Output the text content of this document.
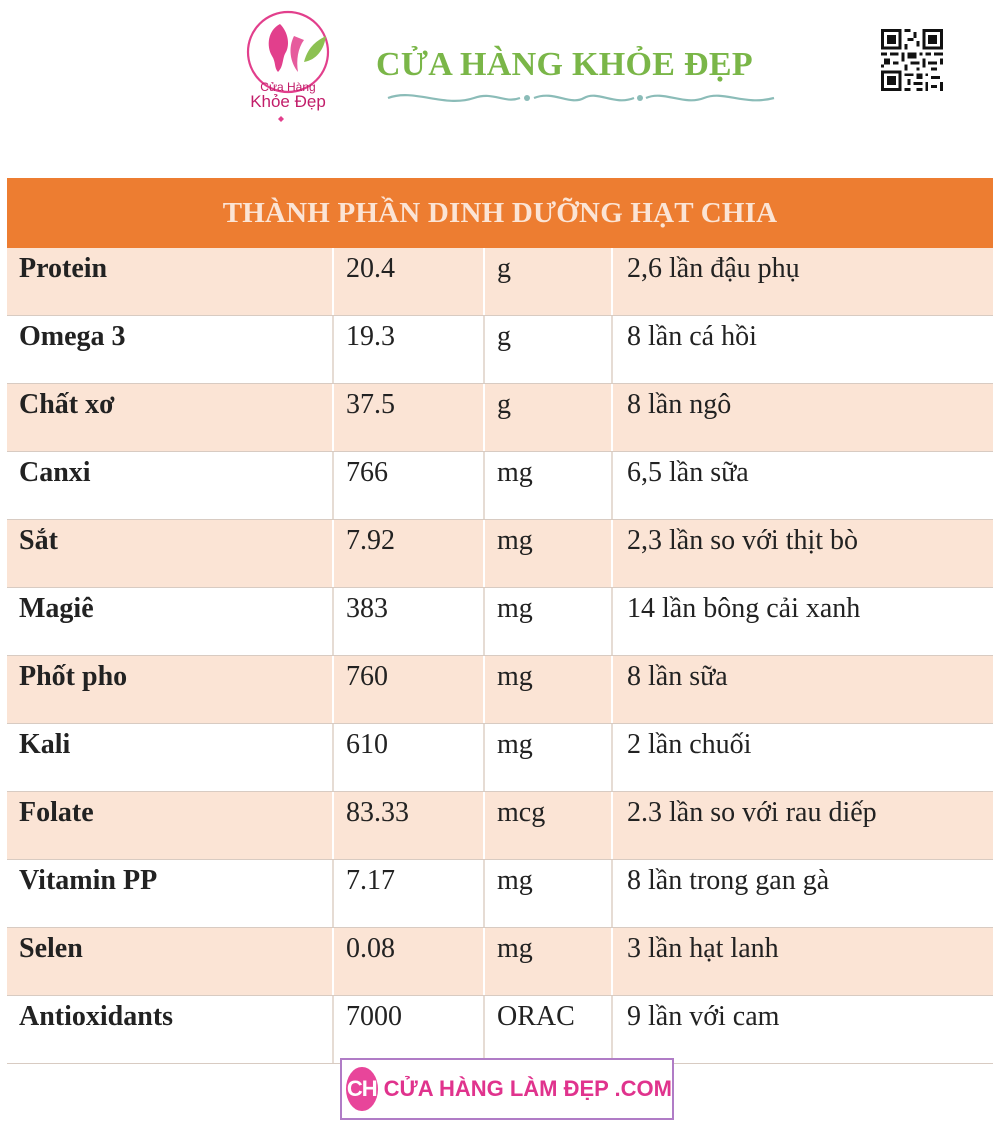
Cửa Hàng
Khỏe Đẹp
CỬA HÀNG KHỎE ĐẸP
THÀNH PHẦN DINH DƯỠNG HẠT CHIA
Protein	20.4	g	2,6 lần đậu phụ
Omega 3	19.3	g	8 lần cá hồi
Chất xơ	37.5	g	8 lần ngô
Canxi	766	mg	6,5 lần sữa
Sắt	7.92	mg	2,3 lần so với thịt bò
Magiê	383	mg	14 lần bông cải xanh
Phốt pho	760	mg	8 lần sữa
Kali	610	mg	2 lần chuối
Folate	83.33	mcg	2.3 lần so với rau diếp
Vitamin PP	7.17	mg	8 lần trong gan gà
Selen	0.08	mg	3 lần hạt lanh
Antioxidants	7000	ORAC	9 lần với cam
CH CỬA HÀNG LÀM ĐẸP .COM
